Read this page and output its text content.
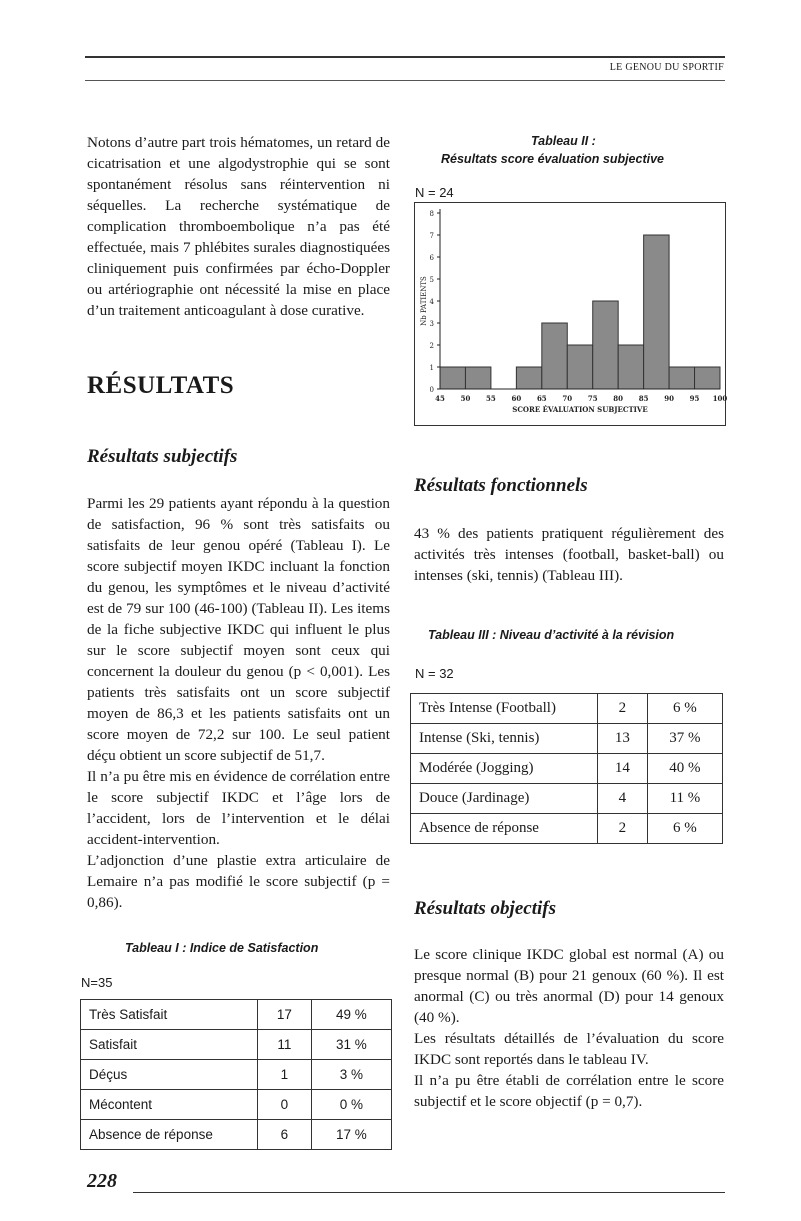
LE GENOU DU SPORTIF

Notons d’autre part trois hématomes, un retard de cicatrisation et une algodystrophie qui se sont spontanément résolus sans réintervention ni séquelles. La recherche systématique de complication thromboembolique n’a pas été effectuée, mais 7 phlébites surales diagnostiquées cliniquement puis confirmées par écho-Doppler ou artériographie ont nécessité la mise en place d’un traitement anticoagulant à dose curative.

RÉSULTATS
Résultats subjectifs

Parmi les 29 patients ayant répondu à la question de satisfaction, 96 % sont très satisfaits ou satisfaits de leur genou opéré (Tableau I). Le score subjectif moyen IKDC incluant la fonction du genou, les symptômes et le niveau d’activité est de 79 sur 100 (46-100) (Tableau II). Les items de la fiche subjective IKDC qui influent le plus sur le score subjectif moyen sont ceux qui concernent la douleur du genou (p < 0,001). Les patients très satisfaits ont un score subjectif moyen de 86,3 et les patients satisfaits ont un score moyen de 72,2 sur 100. Le seul patient déçu obtient un score subjectif de 51,7.

Il n’a pu être mis en évidence de corrélation entre le score subjectif IKDC et l’âge lors de l’accident, lors de l’intervention et le délai accident-intervention.

L’adjonction d’une plastie extra articulaire de Lemaire n’a pas modifié le score subjectif (p = 0,86).

Tableau I : Indice de Satisfaction
N=35
Très Satisfait	17	49 %
Satisfait	11	31 %
Déçus	1	3 %
Mécontent	0	0 %
Absence de réponse	6	17 %
Tableau II :
Résultats score évaluation subjective
N = 24
0
1
2
3
4
5
6
7
8
45 50 55 60 65 70 75 80 85 90 95 100
SCORE ÉVALUATION SUBJECTIVE
Nb PATIENTS
Résultats fonctionnels

43 % des patients pratiquent régulièrement des activités très intenses (football, basket-ball) ou intenses (ski, tennis) (Tableau III).

Tableau III : Niveau d’activité à la révision
N = 32
Très Intense (Football)	2	6 %
Intense (Ski, tennis)	13	37 %
Modérée (Jogging)	14	40 %
Douce (Jardinage)	4	11 %
Absence de réponse	2	6 %
Résultats objectifs

Le score clinique IKDC global est normal (A) ou presque normal (B) pour 21 genoux (60 %). Il est anormal (C) ou très anormal (D) pour 14 genoux (40 %).

Les résultats détaillés de l’évaluation du score IKDC sont reportés dans le tableau IV.

Il n’a pu être établi de corrélation entre le score subjectif et le score objectif (p = 0,7).

228
